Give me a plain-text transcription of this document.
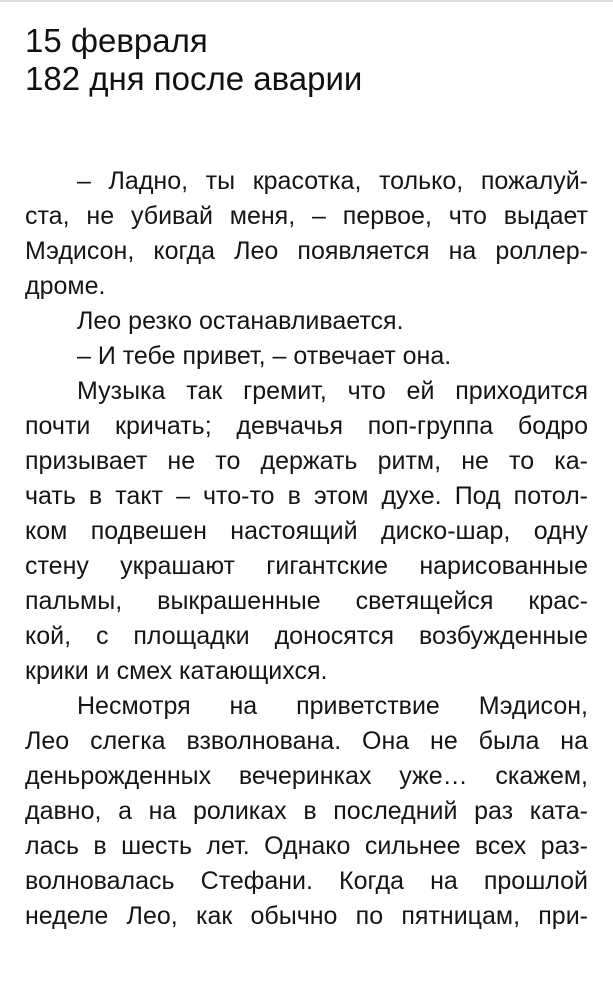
15 февраля
182 дня после аварии

– Ладно, ты красотка, только, пожалуй-
ста, не убивай меня, – первое, что выдает
Мэдисон, когда Лео появляется на роллер-
дроме.

Лео резко останавливается.

– И тебе привет, – отвечает она.

Музыка так гремит, что ей приходится
почти кричать; девчачья поп-группа бодро
призывает не то держать ритм, не то ка-
чать в такт – что-то в этом духе. Под потол-
ком подвешен настоящий диско-шар, одну
стену украшают гигантские нарисованные
пальмы, выкрашенные светящейся крас-
кой, с площадки доносятся возбужденные
крики и смех катающихся.

Несмотря на приветствие Мэдисон,
Лео слегка взволнована. Она не была на
деньрожденных вечеринках уже… скажем,
давно, а на роликах в последний раз ката-
лась в шесть лет. Однако сильнее всех раз-
волновалась Стефани. Когда на прошлой
неделе Лео, как обычно по пятницам, при-
